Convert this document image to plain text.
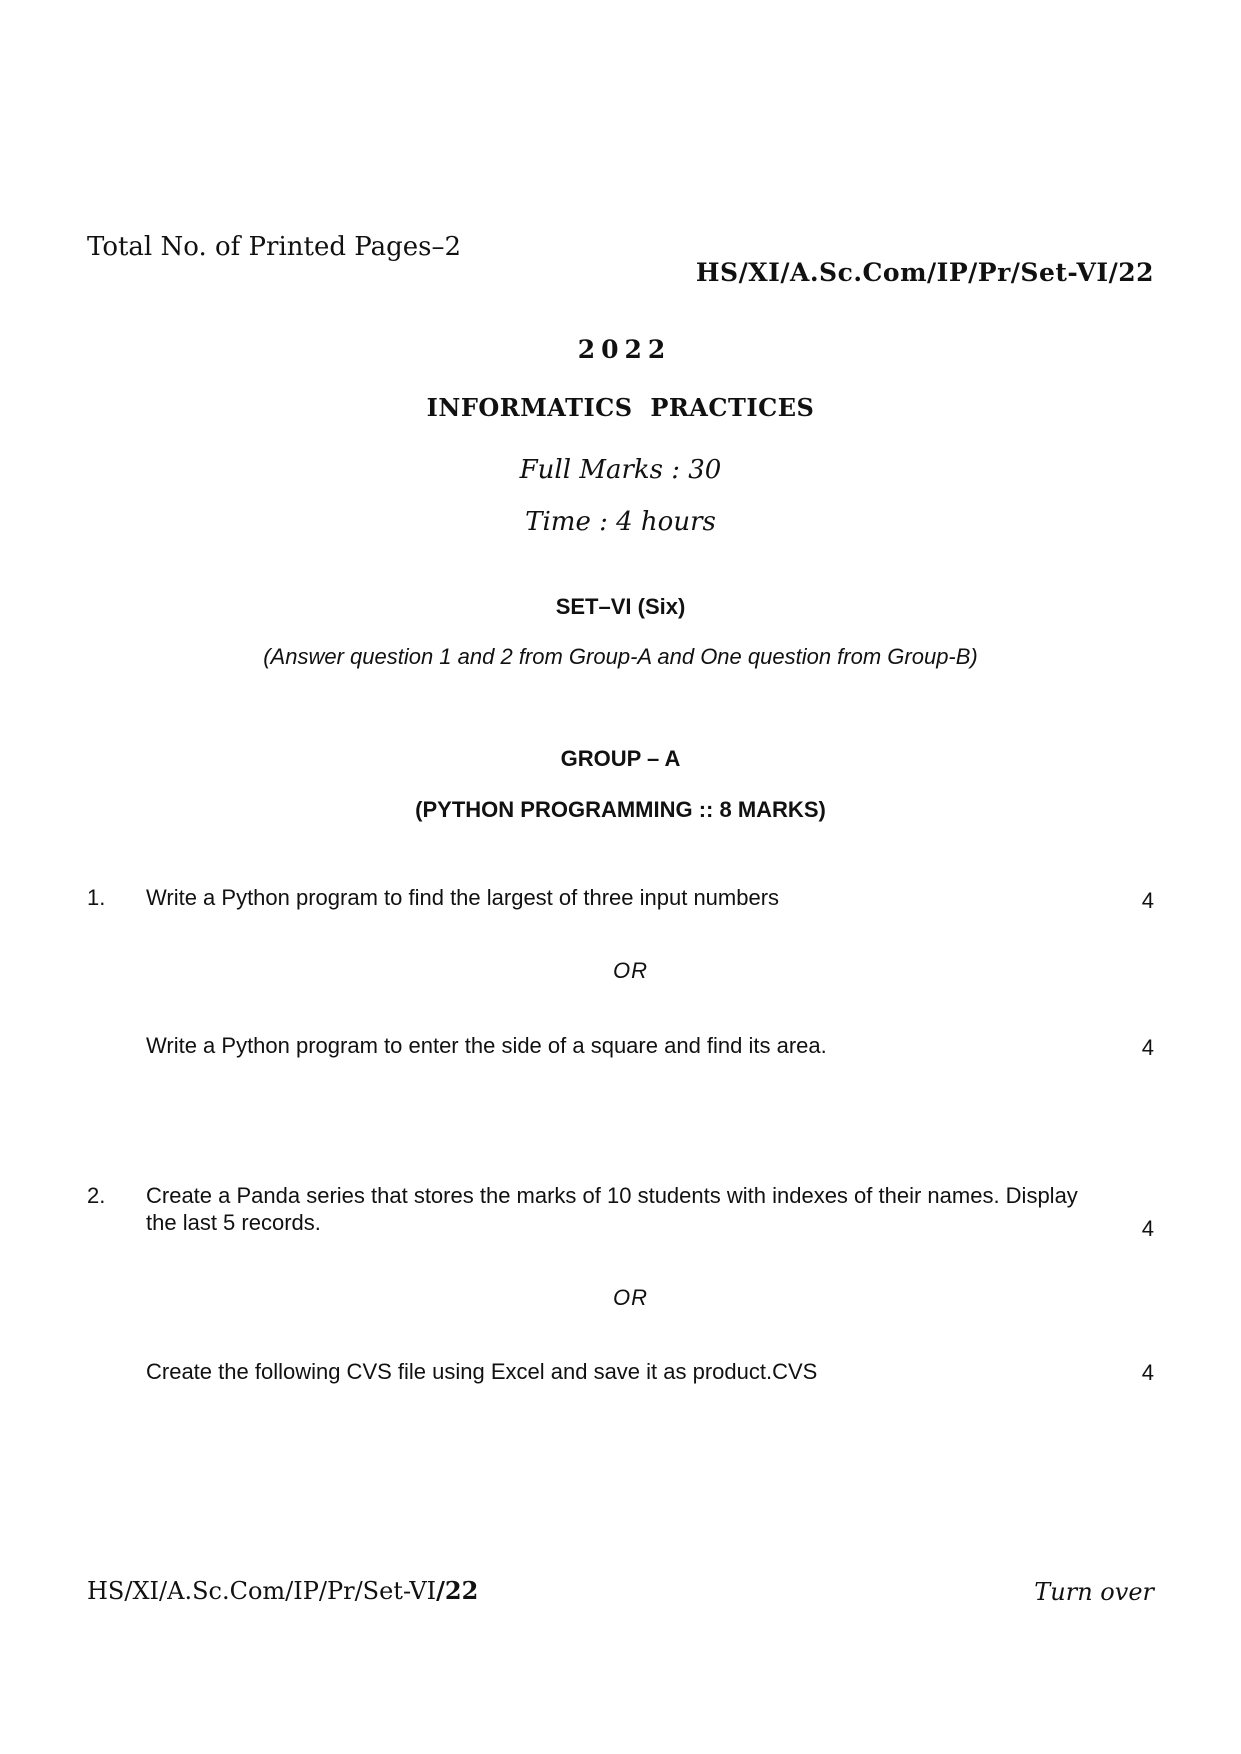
Total No. of Printed Pages–2
HS/XI/A.Sc.Com/IP/Pr/Set-VI/22
2022
INFORMATICS  PRACTICES
Full Marks : 30
Time : 4 hours
SET–VI (Six)
(Answer question 1 and 2 from Group-A and One question from Group-B)
GROUP – A
(PYTHON PROGRAMMING :: 8 MARKS)
1. Write a Python program to find the largest of three input numbers	4
OR
Write a Python program to enter the side of a square and find its area.	4
2. Create a Panda series that stores the marks of 10 students with indexes of their names. Display the last 5 records.	4
OR
Create the following CVS file using Excel and save it as product.CVS	4
HS/XI/A.Sc.Com/IP/Pr/Set-VI/22	Turn over
